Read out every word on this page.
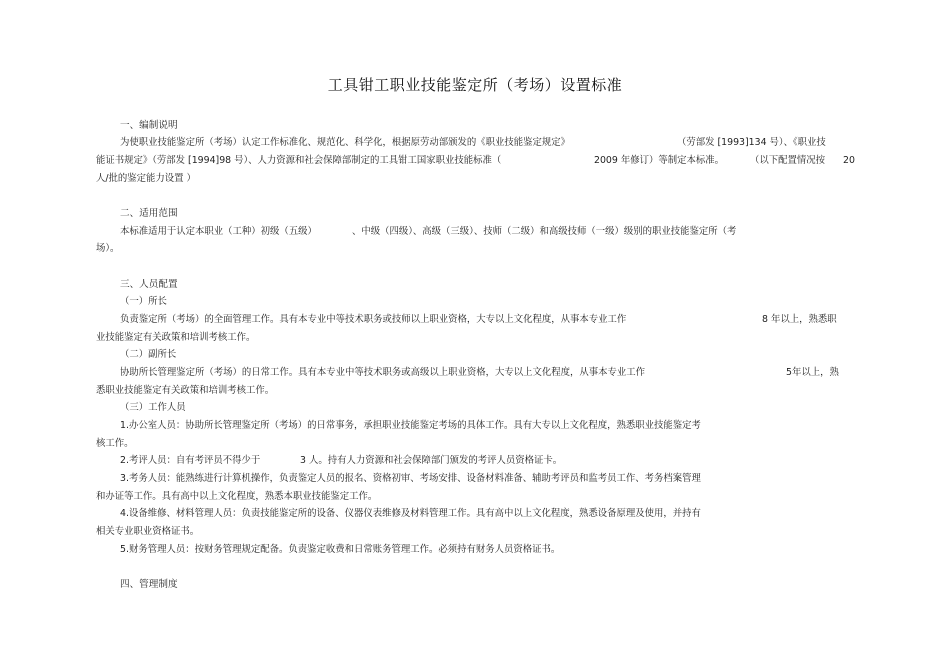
工具钳工职业技能鉴定所（考场）设置标准
一、编制说明
为使职业技能鉴定所（考场）认定工作标准化、规范化、科学化，根据原劳动部颁发的《职业技能鉴定规定》	（劳部发 [1993]134 号）、《职业技
能证书规定》（劳部发 [1994]98 号）、人力资源和社会保障部制定的工具钳工国家职业技能标准（	2009 年修订）等制定本标准。	（以下配置情况按 20
人/批的鉴定能力设置 ）
二、适用范围
本标准适用于认定本职业（工种）初级（五级）	、中级（四级）、高级（三级）、技师（二级）和高级技师（一级）级别的职业技能鉴定所（考
场）。
三、人员配置
（一）所长
负责鉴定所（考场）的全面管理工作。具有本专业中等技术职务或技师以上职业资格，大专以上文化程度，从事本专业工作	8 年以上，熟悉职
业技能鉴定有关政策和培训考核工作。
（二）副所长
协助所长管理鉴定所（考场）的日常工作。具有本专业中等技术职务或高级以上职业资格，大专以上文化程度，从事本专业工作	5年以上，熟
悉职业技能鉴定有关政策和培训考核工作。
（三）工作人员
1.办公室人员：协助所长管理鉴定所（考场）的日常事务，承担职业技能鉴定考场的具体工作。具有大专以上文化程度，熟悉职业技能鉴定考
核工作。
2.考评人员：自有考评员不得少于	3 人。持有人力资源和社会保障部门颁发的考评人员资格证卡。
3.考务人员：能熟练进行计算机操作，负责鉴定人员的报名、资格初审、考场安排、设备材料准备、辅助考评员和监考员工作、考务档案管理
和办证等工作。具有高中以上文化程度，熟悉本职业技能鉴定工作。
4.设备维修、材料管理人员：负责技能鉴定所的设备、仪器仪表维修及材料管理工作。具有高中以上文化程度，熟悉设备原理及使用，并持有
相关专业职业资格证书。
5.财务管理人员：按财务管理规定配备。负责鉴定收费和日常账务管理工作。必须持有财务人员资格证书。
四、管理制度
